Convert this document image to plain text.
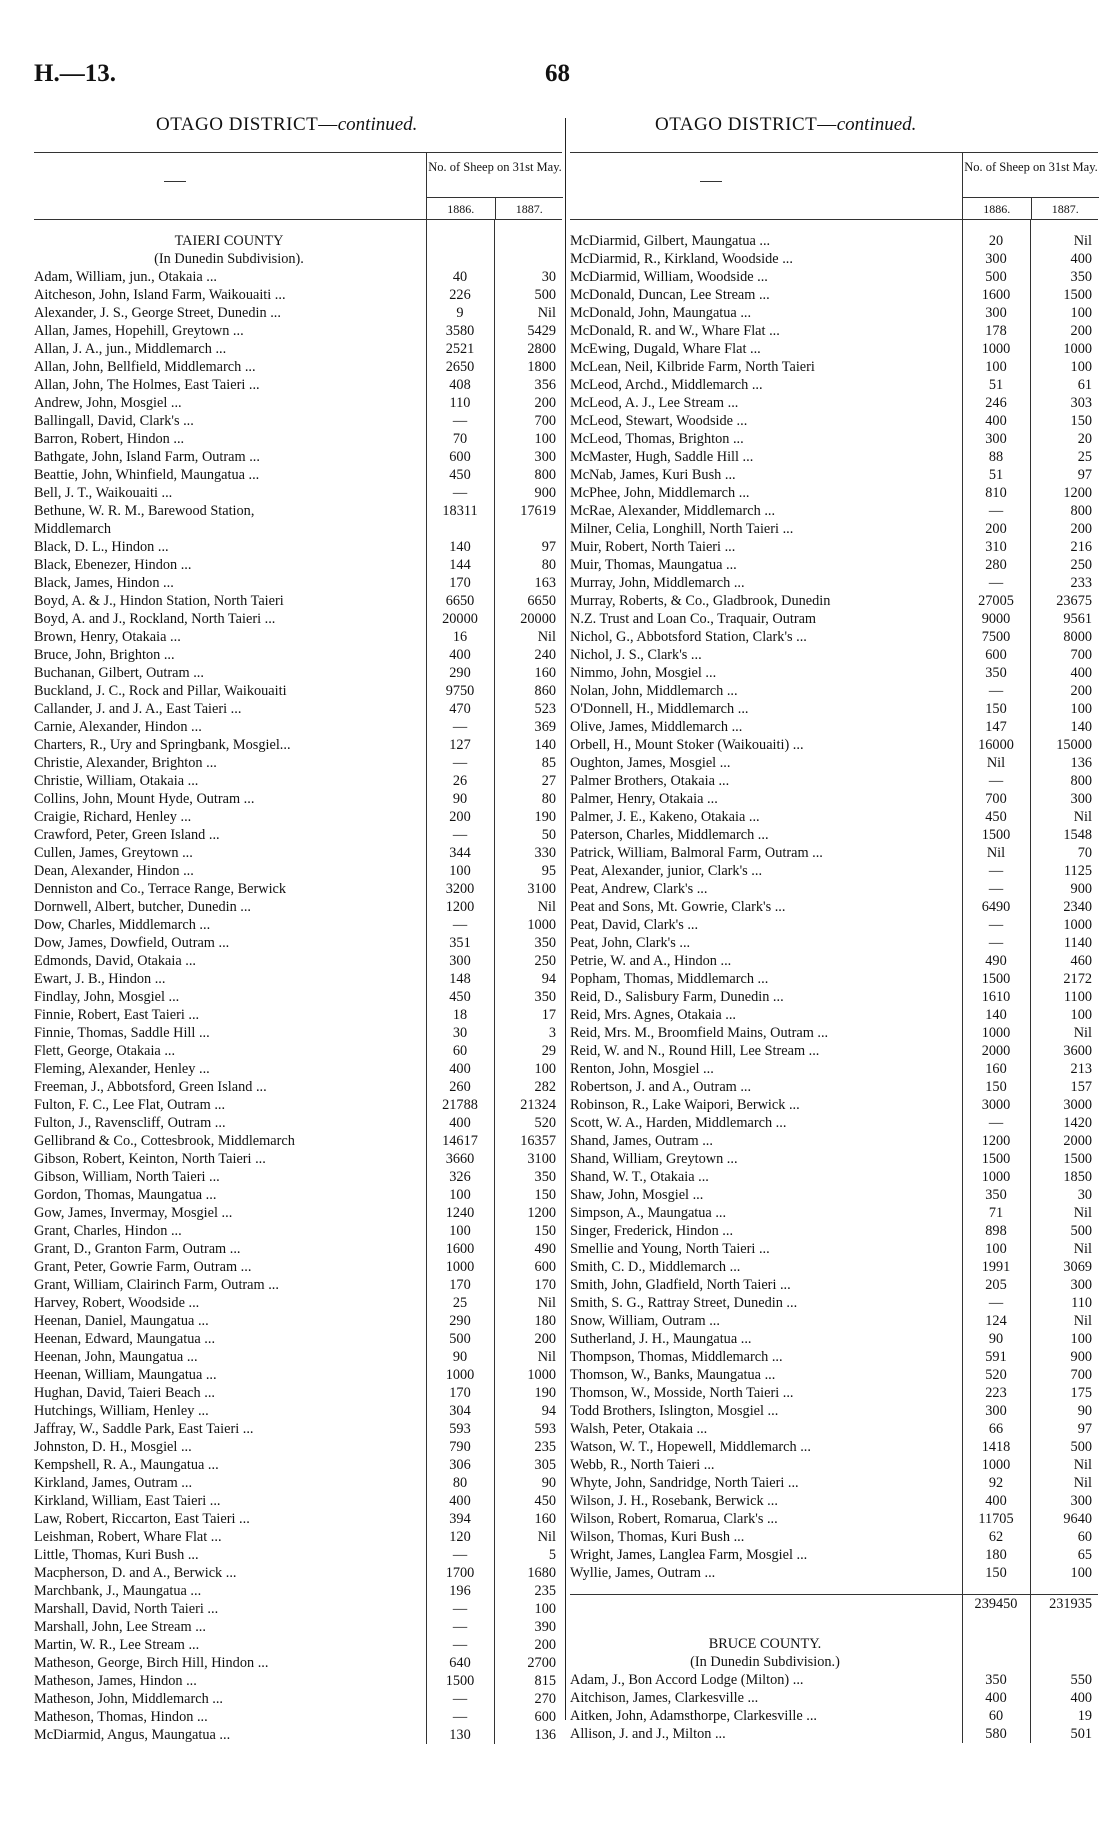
H.—13.	68
OTAGO DISTRICT—continued.	OTAGO DISTRICT—continued.
No. of Sheep on 31st May.
1886.	1887.
TAIERI COUNTY
(In Dunedin Subdivision).
Adam, William, jun., Otakaia ...	40	30
Aitcheson, John, Island Farm, Waikouaiti ...	226	500
Alexander, J. S., George Street, Dunedin ...	9	Nil
Allan, James, Hopehill, Greytown ...	3580	5429
Allan, J. A., jun., Middlemarch ...	2521	2800
Allan, John, Bellfield, Middlemarch ...	2650	1800
Allan, John, The Holmes, East Taieri ...	408	356
Andrew, John, Mosgiel ...	110	200
Ballingall, David, Clark's ...	—	700
Barron, Robert, Hindon ...	70	100
Bathgate, John, Island Farm, Outram ...	600	300
Beattie, John, Whinfield, Maungatua ...	450	800
Bell, J. T., Waikouaiti ...	—	900
Bethune, W. R. M., Barewood Station,	18311	17619
Middlemarch
Black, D. L., Hindon ...	140	97
Black, Ebenezer, Hindon ...	144	80
Black, James, Hindon ...	170	163
Boyd, A. & J., Hindon Station, North Taieri	6650	6650
Boyd, A. and J., Rockland, North Taieri ...	20000	20000
Brown, Henry, Otakaia ...	16	Nil
Bruce, John, Brighton ...	400	240
Buchanan, Gilbert, Outram ...	290	160
Buckland, J. C., Rock and Pillar, Waikouaiti	9750	860
Callander, J. and J. A., East Taieri ...	470	523
Carnie, Alexander, Hindon ...	—	369
Charters, R., Ury and Springbank, Mosgiel...	127	140
Christie, Alexander, Brighton ...	—	85
Christie, William, Otakaia ...	26	27
Collins, John, Mount Hyde, Outram ...	90	80
Craigie, Richard, Henley ...	200	190
Crawford, Peter, Green Island ...	—	50
Cullen, James, Greytown ...	344	330
Dean, Alexander, Hindon ...	100	95
Denniston and Co., Terrace Range, Berwick	3200	3100
Dornwell, Albert, butcher, Dunedin ...	1200	Nil
Dow, Charles, Middlemarch ...	—	1000
Dow, James, Dowfield, Outram ...	351	350
Edmonds, David, Otakaia ...	300	250
Ewart, J. B., Hindon ...	148	94
Findlay, John, Mosgiel ...	450	350
Finnie, Robert, East Taieri ...	18	17
Finnie, Thomas, Saddle Hill ...	30	3
Flett, George, Otakaia ...	60	29
Fleming, Alexander, Henley ...	400	100
Freeman, J., Abbotsford, Green Island ...	260	282
Fulton, F. C., Lee Flat, Outram ...	21788	21324
Fulton, J., Ravenscliff, Outram ...	400	520
Gellibrand & Co., Cottesbrook, Middlemarch	14617	16357
Gibson, Robert, Keinton, North Taieri ...	3660	3100
Gibson, William, North Taieri ...	326	350
Gordon, Thomas, Maungatua ...	100	150
Gow, James, Invermay, Mosgiel ...	1240	1200
Grant, Charles, Hindon ...	100	150
Grant, D., Granton Farm, Outram ...	1600	490
Grant, Peter, Gowrie Farm, Outram ...	1000	600
Grant, William, Clairinch Farm, Outram ...	170	170
Harvey, Robert, Woodside ...	25	Nil
Heenan, Daniel, Maungatua ...	290	180
Heenan, Edward, Maungatua ...	500	200
Heenan, John, Maungatua ...	90	Nil
Heenan, William, Maungatua ...	1000	1000
Hughan, David, Taieri Beach ...	170	190
Hutchings, William, Henley ...	304	94
Jaffray, W., Saddle Park, East Taieri ...	593	593
Johnston, D. H., Mosgiel ...	790	235
Kempshell, R. A., Maungatua ...	306	305
Kirkland, James, Outram ...	80	90
Kirkland, William, East Taieri ...	400	450
Law, Robert, Riccarton, East Taieri ...	394	160
Leishman, Robert, Whare Flat ...	120	Nil
Little, Thomas, Kuri Bush ...	—	5
Macpherson, D. and A., Berwick ...	1700	1680
Marchbank, J., Maungatua ...	196	235
Marshall, David, North Taieri ...	—	100
Marshall, John, Lee Stream ...	—	390
Martin, W. R., Lee Stream ...	—	200
Matheson, George, Birch Hill, Hindon ...	640	2700
Matheson, James, Hindon ...	1500	815
Matheson, John, Middlemarch ...	—	270
Matheson, Thomas, Hindon ...	—	600
McDiarmid, Angus, Maungatua ...	130	136
No. of Sheep on 31st May.
1886.	1887.
McDiarmid, Gilbert, Maungatua ...	20	Nil
McDiarmid, R., Kirkland, Woodside ...	300	400
McDiarmid, William, Woodside ...	500	350
McDonald, Duncan, Lee Stream ...	1600	1500
McDonald, John, Maungatua ...	300	100
McDonald, R. and W., Whare Flat ...	178	200
McEwing, Dugald, Whare Flat ...	1000	1000
McLean, Neil, Kilbride Farm, North Taieri	100	100
McLeod, Archd., Middlemarch ...	51	61
McLeod, A. J., Lee Stream ...	246	303
McLeod, Stewart, Woodside ...	400	150
McLeod, Thomas, Brighton ...	300	20
McMaster, Hugh, Saddle Hill ...	88	25
McNab, James, Kuri Bush ...	51	97
McPhee, John, Middlemarch ...	810	1200
McRae, Alexander, Middlemarch ...	—	800
Milner, Celia, Longhill, North Taieri ...	200	200
Muir, Robert, North Taieri ...	310	216
Muir, Thomas, Maungatua ...	280	250
Murray, John, Middlemarch ...	—	233
Murray, Roberts, & Co., Gladbrook, Dunedin	27005	23675
N.Z. Trust and Loan Co., Traquair, Outram	9000	9561
Nichol, G., Abbotsford Station, Clark's ...	7500	8000
Nichol, J. S., Clark's ...	600	700
Nimmo, John, Mosgiel ...	350	400
Nolan, John, Middlemarch ...	—	200
O'Donnell, H., Middlemarch ...	150	100
Olive, James, Middlemarch ...	147	140
Orbell, H., Mount Stoker (Waikouaiti) ...	16000	15000
Oughton, James, Mosgiel ...	Nil	136
Palmer Brothers, Otakaia ...	—	800
Palmer, Henry, Otakaia ...	700	300
Palmer, J. E., Kakeno, Otakaia ...	450	Nil
Paterson, Charles, Middlemarch ...	1500	1548
Patrick, William, Balmoral Farm, Outram ...	Nil	70
Peat, Alexander, junior, Clark's ...	—	1125
Peat, Andrew, Clark's ...	—	900
Peat and Sons, Mt. Gowrie, Clark's ...	6490	2340
Peat, David, Clark's ...	—	1000
Peat, John, Clark's ...	—	1140
Petrie, W. and A., Hindon ...	490	460
Popham, Thomas, Middlemarch ...	1500	2172
Reid, D., Salisbury Farm, Dunedin ...	1610	1100
Reid, Mrs. Agnes, Otakaia ...	140	100
Reid, Mrs. M., Broomfield Mains, Outram ...	1000	Nil
Reid, W. and N., Round Hill, Lee Stream ...	2000	3600
Renton, John, Mosgiel ...	160	213
Robertson, J. and A., Outram ...	150	157
Robinson, R., Lake Waipori, Berwick ...	3000	3000
Scott, W. A., Harden, Middlemarch ...	—	1420
Shand, James, Outram ...	1200	2000
Shand, William, Greytown ...	1500	1500
Shand, W. T., Otakaia ...	1000	1850
Shaw, John, Mosgiel ...	350	30
Simpson, A., Maungatua ...	71	Nil
Singer, Frederick, Hindon ...	898	500
Smellie and Young, North Taieri ...	100	Nil
Smith, C. D., Middlemarch ...	1991	3069
Smith, John, Gladfield, North Taieri ...	205	300
Smith, S. G., Rattray Street, Dunedin ...	—	110
Snow, William, Outram ...	124	Nil
Sutherland, J. H., Maungatua ...	90	100
Thompson, Thomas, Middlemarch ...	591	900
Thomson, W., Banks, Maungatua ...	520	700
Thomson, W., Mosside, North Taieri ...	223	175
Todd Brothers, Islington, Mosgiel ...	300	90
Walsh, Peter, Otakaia ...	66	97
Watson, W. T., Hopewell, Middlemarch ...	1418	500
Webb, R., North Taieri ...	1000	Nil
Whyte, John, Sandridge, North Taieri ...	92	Nil
Wilson, J. H., Rosebank, Berwick ...	400	300
Wilson, Robert, Romarua, Clark's ...	11705	9640
Wilson, Thomas, Kuri Bush ...	62	60
Wright, James, Langlea Farm, Mosgiel ...	180	65
Wyllie, James, Outram ...	150	100
239450	231935
BRUCE COUNTY.
(In Dunedin Subdivision.)
Adam, J., Bon Accord Lodge (Milton) ...	350	550
Aitchison, James, Clarkesville ...	400	400
Aitken, John, Adamsthorpe, Clarkesville ...	60	19
Allison, J. and J., Milton ...	580	501
